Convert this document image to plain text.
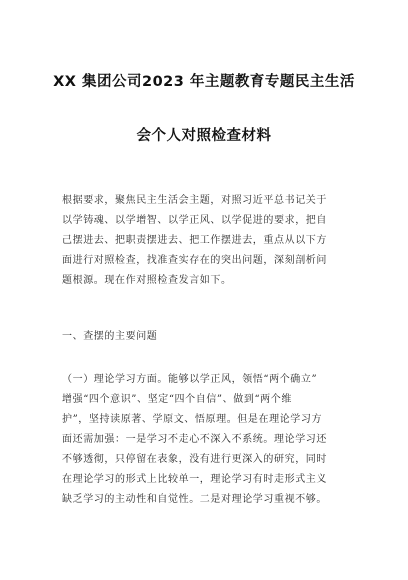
XX 集团公司2023 年主题教育专题民主生活
会个人对照检查材料

根据要求，聚焦民主生活会主题，对照习近平总书记关于
以学铸魂、以学增智、以学正风、以学促进的要求，把自
己摆进去、把职责摆进去、把工作摆进去，重点从以下方
面进行对照检查，找准查实存在的突出问题，深刻剖析问
题根源。现在作对照检查发言如下。

一、查摆的主要问题

（一）理论学习方面。能够以学正风，领悟“两个确立”
增强“四个意识”、坚定“四个自信”、做到“两个维
护”，坚持读原著、学原文、悟原理。但是在理论学习方
面还需加强：一是学习不走心不深入不系统。理论学习还
不够透彻，只停留在表象，没有进行更深入的研究，同时
在理论学习的形式上比较单一，理论学习有时走形式主义
缺乏学习的主动性和自觉性。二是对理论学习重视不够。
